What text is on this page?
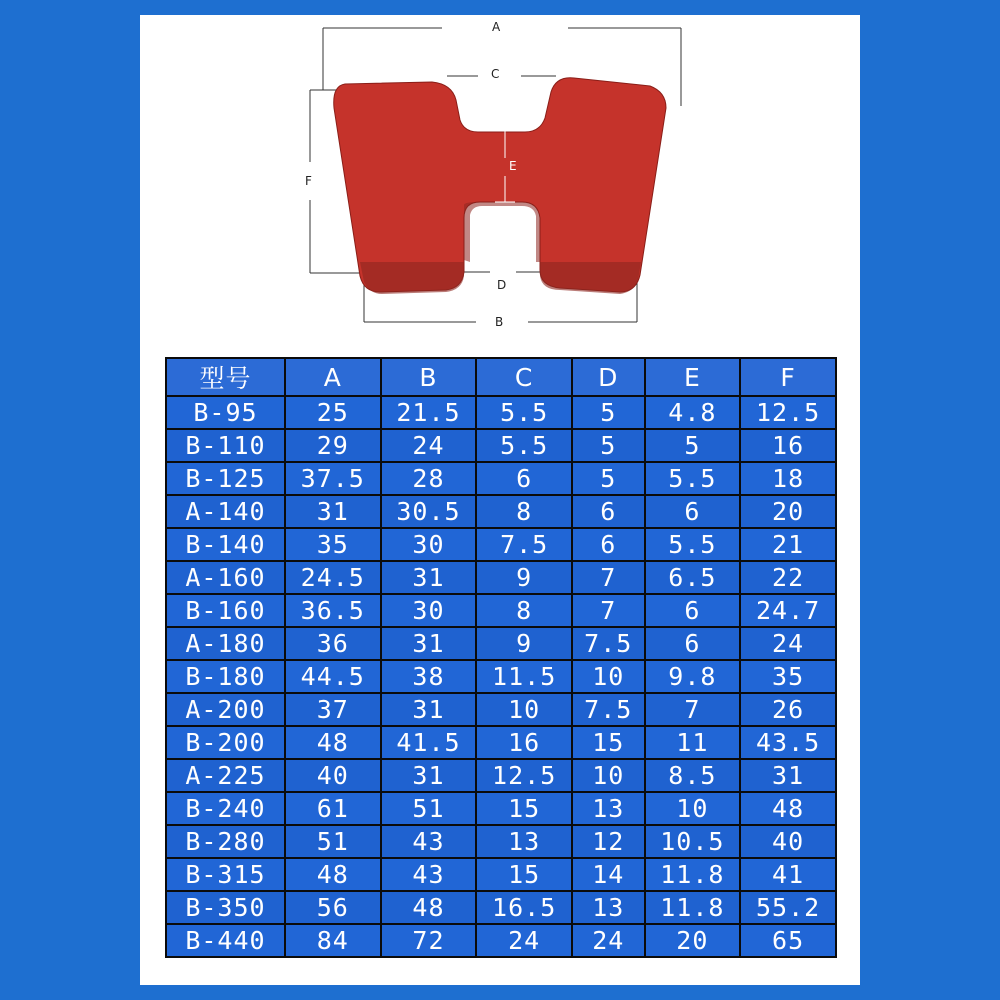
A
C
F
E
D
B
型号	A	B	C	D	E	F
B-95	25	21.5	5.5	5	4.8	12.5
B-110	29	24	5.5	5	5	16
B-125	37.5	28	6	5	5.5	18
A-140	31	30.5	8	6	6	20
B-140	35	30	7.5	6	5.5	21
A-160	24.5	31	9	7	6.5	22
B-160	36.5	30	8	7	6	24.7
A-180	36	31	9	7.5	6	24
B-180	44.5	38	11.5	10	9.8	35
A-200	37	31	10	7.5	7	26
B-200	48	41.5	16	15	11	43.5
A-225	40	31	12.5	10	8.5	31
B-240	61	51	15	13	10	48
B-280	51	43	13	12	10.5	40
B-315	48	43	15	14	11.8	41
B-350	56	48	16.5	13	11.8	55.2
B-440	84	72	24	24	20	65
